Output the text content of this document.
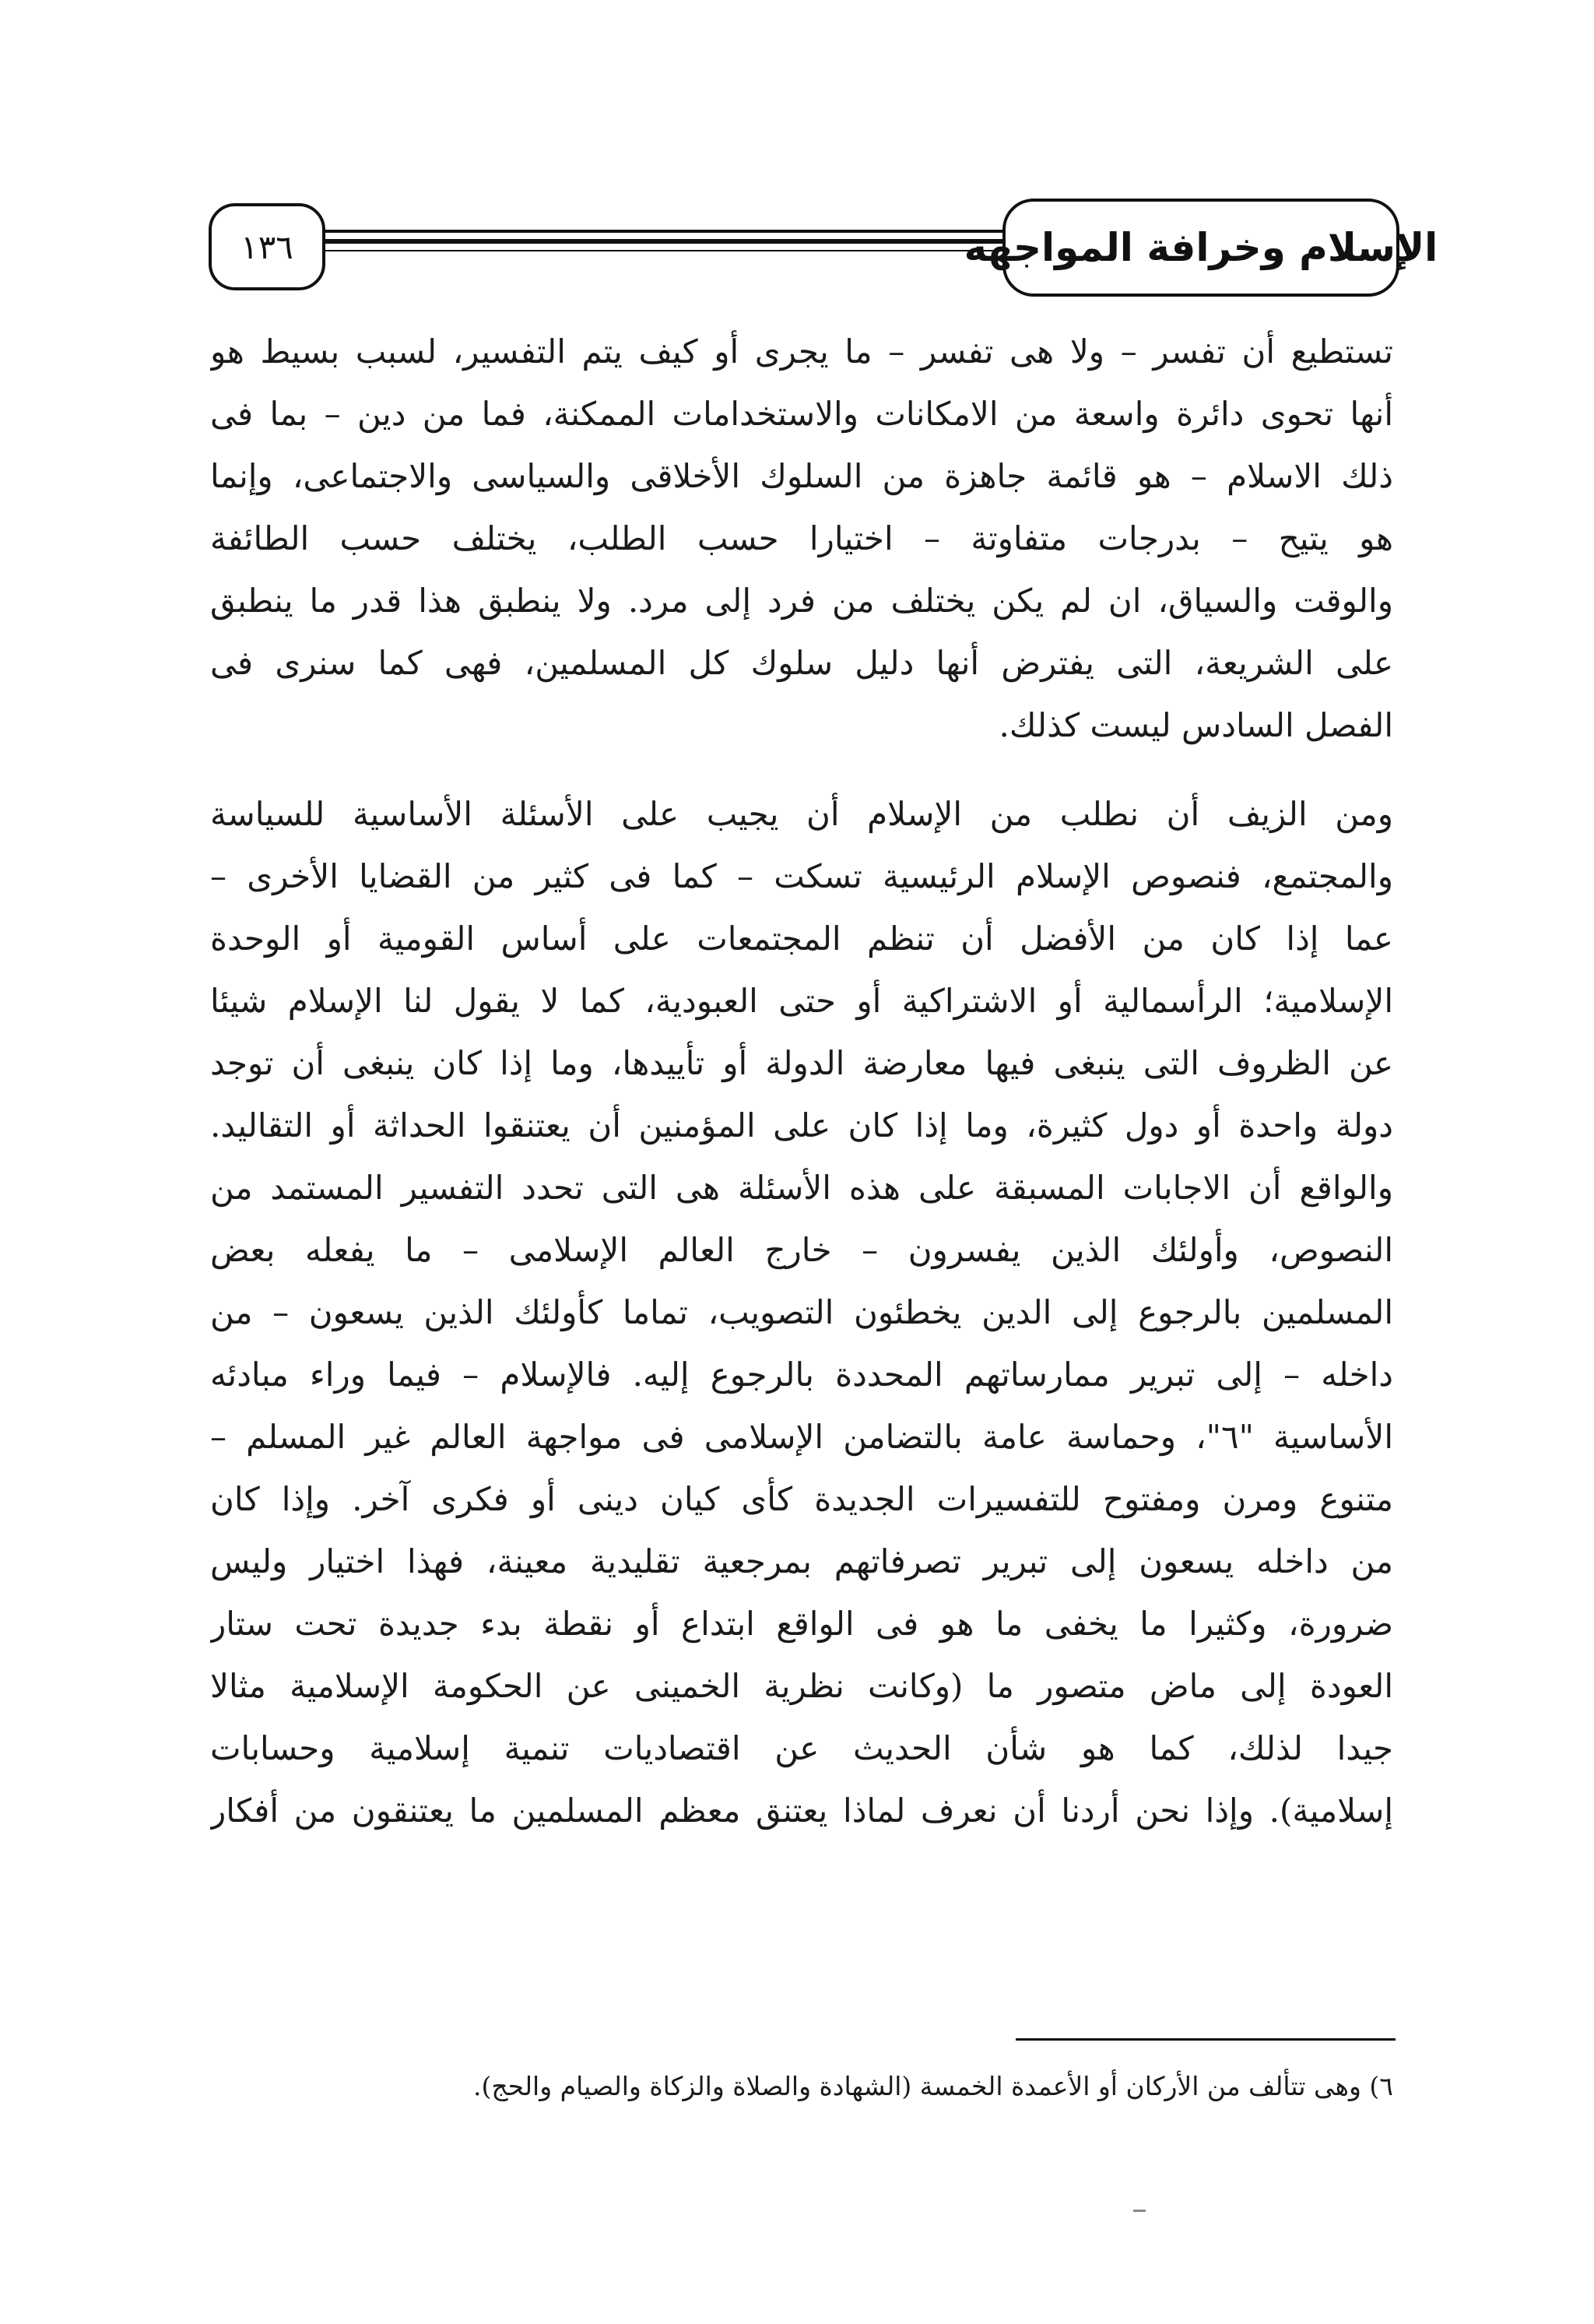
الإسلام وخرافة المواجهة
١٣٦
تستطيع أن تفسر – ولا هى تفسر – ما يجرى أو كيف يتم التفسير، لسبب بسيط هو
أنها تحوى دائرة واسعة من الامكانات والاستخدامات الممكنة، فما من دين – بما فى
ذلك الاسلام – هو قائمة جاهزة من السلوك الأخلاقى والسياسى والاجتماعى، وإنما
هو يتيح – بدرجات متفاوتة – اختيارا حسب الطلب، يختلف حسب الطائفة
والوقت والسياق، ان لم يكن يختلف من فرد إلى مرد. ولا ينطبق هذا قدر ما ينطبق
على الشريعة، التى يفترض أنها دليل سلوك كل المسلمين، فهى كما سنرى فى
الفصل السادس ليست كذلك.
ومن الزيف أن نطلب من الإسلام أن يجيب على الأسئلة الأساسية للسياسة
والمجتمع، فنصوص الإسلام الرئيسية تسكت – كما فى كثير من القضايا الأخرى –
عما إذا كان من الأفضل أن تنظم المجتمعات على أساس القومية أو الوحدة
الإسلامية؛ الرأسمالية أو الاشتراكية أو حتى العبودية، كما لا يقول لنا الإسلام شيئا
عن الظروف التى ينبغى فيها معارضة الدولة أو تأييدها، وما إذا كان ينبغى أن توجد
دولة واحدة أو دول كثيرة، وما إذا كان على المؤمنين أن يعتنقوا الحداثة أو التقاليد.
والواقع أن الاجابات المسبقة على هذه الأسئلة هى التى تحدد التفسير المستمد من
النصوص، وأولئك الذين يفسرون – خارج العالم الإسلامى – ما يفعله بعض
المسلمين بالرجوع إلى الدين يخطئون التصويب، تماما كأولئك الذين يسعون – من
داخله – إلى تبرير ممارساتهم المحددة بالرجوع إليه. فالإسلام – فيما وراء مبادئه
الأساسية "٦"، وحماسة عامة بالتضامن الإسلامى فى مواجهة العالم غير المسلم –
متنوع ومرن ومفتوح للتفسيرات الجديدة كأى كيان دينى أو فكرى آخر. وإذا كان
من داخله يسعون إلى تبرير تصرفاتهم بمرجعية تقليدية معينة، فهذا اختيار وليس
ضرورة، وكثيرا ما يخفى ما هو فى الواقع ابتداع أو نقطة بدء جديدة تحت ستار
العودة إلى ماض متصور ما (وكانت نظرية الخمينى عن الحكومة الإسلامية مثالا
جيدا لذلك، كما هو شأن الحديث عن اقتصاديات تنمية إسلامية وحسابات
إسلامية). وإذا نحن أردنا أن نعرف لماذا يعتنق معظم المسلمين ما يعتنقون من أفكار
٦) وهى تتألف من الأركان أو الأعمدة الخمسة (الشهادة والصلاة والزكاة والصيام والحج).
